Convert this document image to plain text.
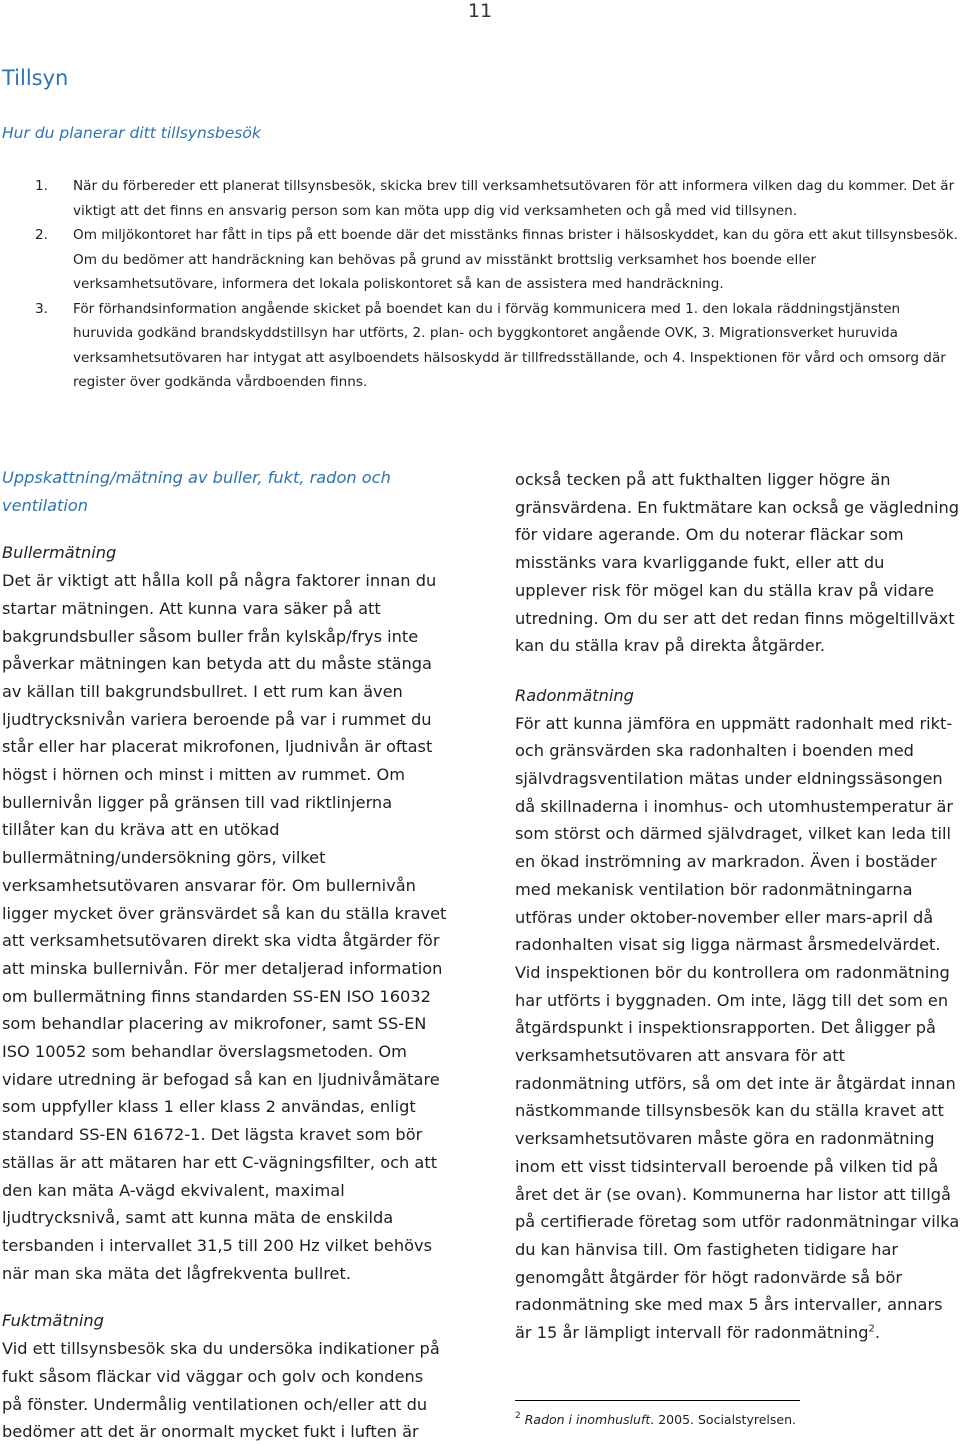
11
Tillsyn
Hur du planerar ditt tillsynsbesök
1. När du förbereder ett planerat tillsynsbesök, skicka brev till verksamhetsutövaren för att informera vilken dag du kommer. Det är viktigt att det finns en ansvarig person som kan möta upp dig vid verksamheten och gå med vid tillsynen.
2. Om miljökontoret har fått in tips på ett boende där det misstänks finnas brister i hälsoskyddet, kan du göra ett akut tillsynsbesök. Om du bedömer att handräckning kan behövas på grund av misstänkt brottslig verksamhet hos boende eller verksamhetsutövare, informera det lokala poliskontoret så kan de assistera med handräckning.
3. För förhandsinformation angående skicket på boendet kan du i förväg kommunicera med 1. den lokala räddningstjänsten huruvida godkänd brandskyddstillsyn har utförts, 2. plan- och byggkontoret angående OVK, 3. Migrationsverket huruvida verksamhetsutövaren har intygat att asylboendets hälsoskydd är tillfredsställande, och 4. Inspektionen för vård och omsorg där register över godkända vårdboenden finns.

Uppskattning/mätning av buller, fukt, radon och ventilation

Bullermätning

Det är viktigt att hålla koll på några faktorer innan du startar mätningen. Att kunna vara säker på att bakgrundsbuller såsom buller från kylskåp/frys inte påverkar mätningen kan betyda att du måste stänga av källan till bakgrundsbullret. I ett rum kan även ljudtrycksnivån variera beroende på var i rummet du står eller har placerat mikrofonen, ljudnivån är oftast högst i hörnen och minst i mitten av rummet. Om bullernivån ligger på gränsen till vad riktlinjerna tillåter kan du kräva att en utökad bullermätning/undersökning görs, vilket verksamhetsutövaren ansvarar för. Om bullernivån ligger mycket över gränsvärdet så kan du ställa kravet att verksamhetsutövaren direkt ska vidta åtgärder för att minska bullernivån. För mer detaljerad information om bullermätning finns standarden SS-EN ISO 16032 som behandlar placering av mikrofoner, samt SS-EN ISO 10052 som behandlar överslagsmetoden. Om vidare utredning är befogad så kan en ljudnivåmätare som uppfyller klass 1 eller klass 2 användas, enligt standard SS-EN 61672-1. Det lägsta kravet som bör ställas är att mätaren har ett C-vägningsfilter, och att den kan mäta A-vägd ekvivalent, maximal ljudtrycksnivå, samt att kunna mäta de enskilda tersbanden i intervallet 31,5 till 200 Hz vilket behövs när man ska mäta det lågfrekventa bullret.

Fuktmätning

Vid ett tillsynsbesök ska du undersöka indikationer på fukt såsom fläckar vid väggar och golv och kondens på fönster. Undermålig ventilationen och/eller att du bedömer att det är onormalt mycket fukt i luften är

också tecken på att fukthalten ligger högre än gränsvärdena. En fuktmätare kan också ge vägledning för vidare agerande. Om du noterar fläckar som misstänks vara kvarliggande fukt, eller att du upplever risk för mögel kan du ställa krav på vidare utredning. Om du ser att det redan finns mögeltillväxt kan du ställa krav på direkta åtgärder.

Radonmätning

För att kunna jämföra en uppmätt radonhalt med rikt- och gränsvärden ska radonhalten i boenden med självdragsventilation mätas under eldningssäsongen då skillnaderna i inomhus- och utomhustemperatur är som störst och därmed självdraget, vilket kan leda till en ökad inströmning av markradon. Även i bostäder med mekanisk ventilation bör radonmätningarna utföras under oktober-november eller mars-april då radonhalten visat sig ligga närmast årsmedelvärdet. Vid inspektionen bör du kontrollera om radonmätning har utförts i byggnaden. Om inte, lägg till det som en åtgärdspunkt i inspektionsrapporten. Det åligger på verksamhetsutövaren att ansvara för att radonmätning utförs, så om det inte är åtgärdat innan nästkommande tillsynsbesök kan du ställa kravet att verksamhetsutövaren måste göra en radonmätning inom ett visst tidsintervall beroende på vilken tid på året det är (se ovan). Kommunerna har listor att tillgå på certifierade företag som utför radonmätningar vilka du kan hänvisa till. Om fastigheten tidigare har genomgått åtgärder för högt radonvärde så bör radonmätning ske med max 5 års intervaller, annars är 15 år lämpligt intervall för radonmätning$^2$.

$^2$ Radon i inomhusluft. 2005. Socialstyrelsen.
